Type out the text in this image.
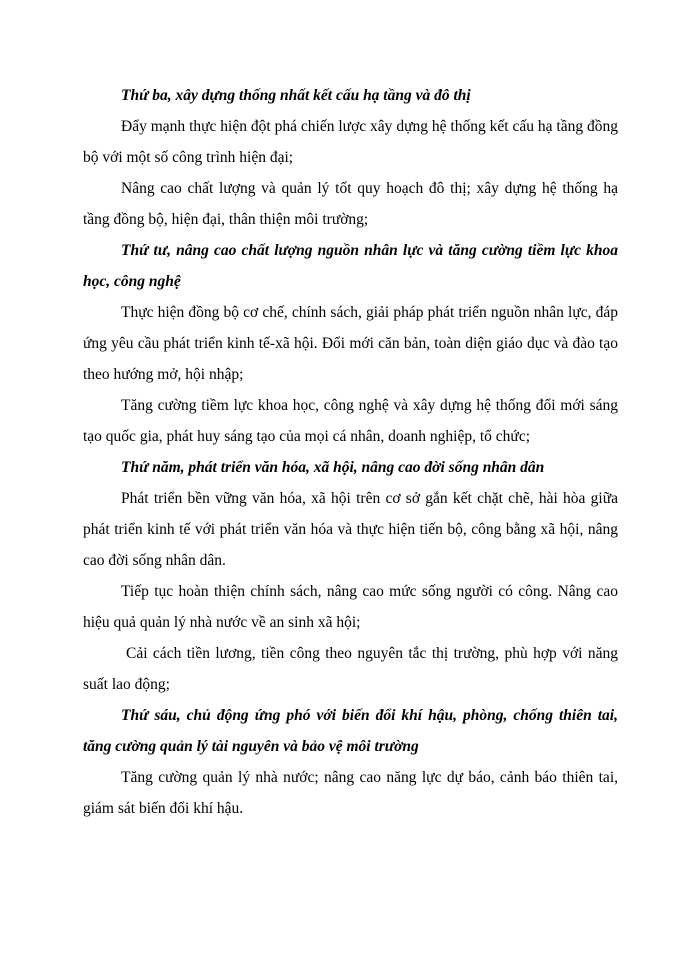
Thứ ba, xây dựng thống nhất kết cấu hạ tầng và đô thị

Đẩy mạnh thực hiện đột phá chiến lược xây dựng hệ thống kết cấu hạ tầng đồng bộ với một số công trình hiện đại;

Nâng cao chất lượng và quản lý tốt quy hoạch đô thị; xây dựng hệ thống hạ tầng đồng bộ, hiện đại, thân thiện môi trường;

Thứ tư, nâng cao chất lượng nguồn nhân lực và tăng cường tiềm lực khoa học, công nghệ

Thực hiện đồng bộ cơ chế, chính sách, giải pháp phát triển nguồn nhân lực, đáp ứng yêu cầu phát triển kinh tế-xã hội. Đổi mới căn bản, toàn diện giáo dục và đào tạo theo hướng mở, hội nhập;

Tăng cường tiềm lực khoa học, công nghệ và xây dựng hệ thống đổi mới sáng tạo quốc gia, phát huy sáng tạo của mọi cá nhân, doanh nghiệp, tổ chức;

Thứ năm, phát triển văn hóa, xã hội, nâng cao đời sống nhân dân

Phát triển bền vững văn hóa, xã hội trên cơ sở gắn kết chặt chẽ, hài hòa giữa phát triển kinh tế với phát triển văn hóa và thực hiện tiến bộ, công bằng xã hội, nâng cao đời sống nhân dân.

Tiếp tục hoàn thiện chính sách, nâng cao mức sống người có công. Nâng cao hiệu quả quản lý nhà nước về an sinh xã hội;

Cải cách tiền lương, tiền công theo nguyên tắc thị trường, phù hợp với năng suất lao động;

Thứ sáu, chủ động ứng phó với biến đổi khí hậu, phòng, chống thiên tai, tăng cường quản lý tài nguyên và bảo vệ môi trường

Tăng cường quản lý nhà nước; nâng cao năng lực dự báo, cảnh báo thiên tai, giám sát biến đổi khí hậu.
